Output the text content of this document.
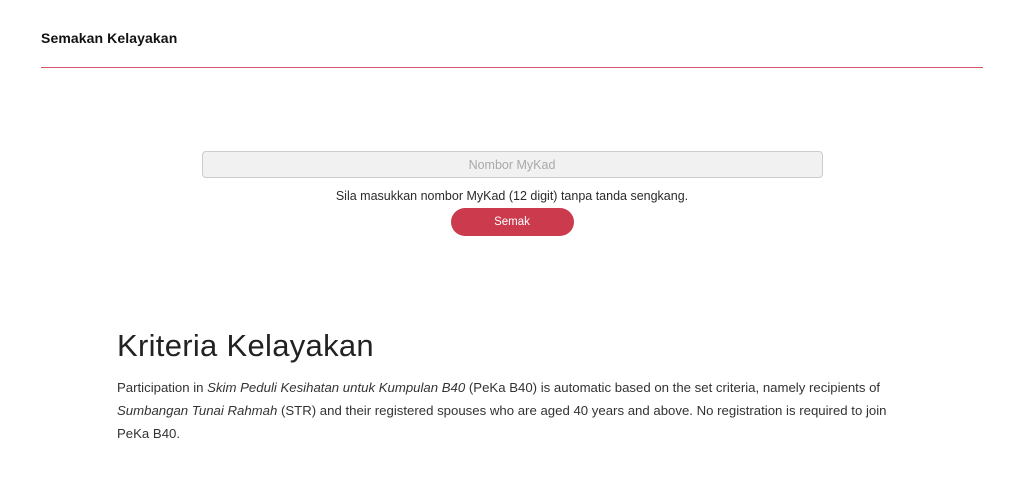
Semakan Kelayakan
Nombor MyKad
Sila masukkan nombor MyKad (12 digit) tanpa tanda sengkang.
Semak
Kriteria Kelayakan

Participation in Skim Peduli Kesihatan untuk Kumpulan B40 (PeKa B40) is automatic based on the set criteria, namely recipients of Sumbangan Tunai Rahmah (STR) and their registered spouses who are aged 40 years and above. No registration is required to join PeKa B40.
